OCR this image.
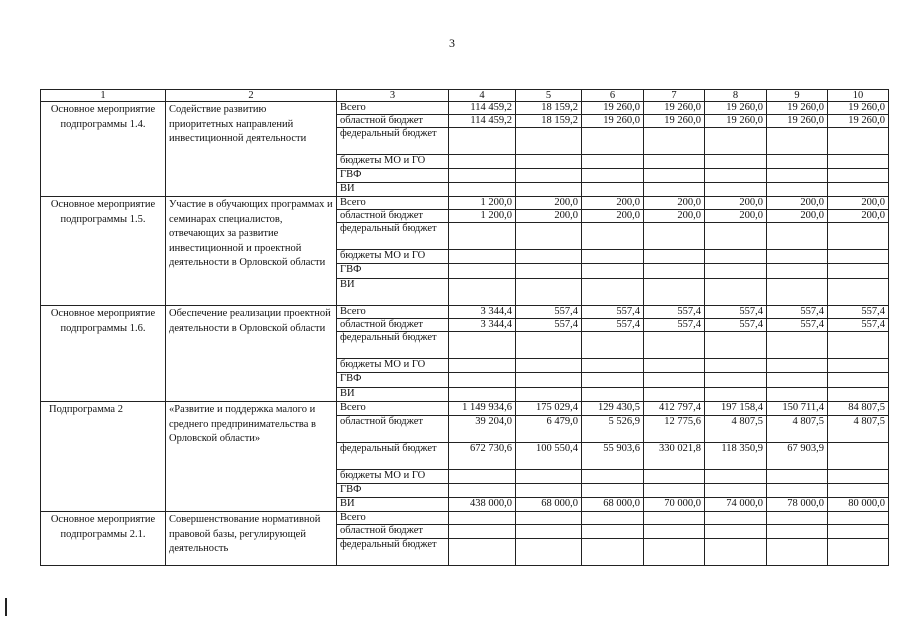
3
1	2	3	4	5	6	7	8	9	10
Основное мероприятие подпрограммы 1.4.	Содействие развитию приоритетных направлений инвестиционной деятельности	Всего	114 459,2	18 159,2	19 260,0	19 260,0	19 260,0	19 260,0	19 260,0
		областной бюджет	114 459,2	18 159,2	19 260,0	19 260,0	19 260,0	19 260,0	19 260,0
		федеральный бюджет							
		бюджеты МО и ГО							
		ГВФ							
		ВИ							
Основное мероприятие подпрограммы 1.5.	Участие в обучающих программах и семинарах специалистов, отвечающих за развитие инвестиционной и проектной деятельности в Орловской области	Всего	1 200,0	200,0	200,0	200,0	200,0	200,0	200,0
		областной бюджет	1 200,0	200,0	200,0	200,0	200,0	200,0	200,0
		федеральный бюджет							
		бюджеты МО и ГО							
		ГВФ							
		ВИ							
Основное мероприятие подпрограммы 1.6.	Обеспечение реализации проектной деятельности в Орловской области	Всего	3 344,4	557,4	557,4	557,4	557,4	557,4	557,4
		областной бюджет	3 344,4	557,4	557,4	557,4	557,4	557,4	557,4
		федеральный бюджет							
		бюджеты МО и ГО							
		ГВФ							
		ВИ							
Подпрограмма 2	«Развитие и поддержка малого и среднего предпринимательства в Орловской области»	Всего	1 149 934,6	175 029,4	129 430,5	412 797,4	197 158,4	150 711,4	84 807,5
		областной бюджет	39 204,0	6 479,0	5 526,9	12 775,6	4 807,5	4 807,5	4 807,5
		федеральный бюджет	672 730,6	100 550,4	55 903,6	330 021,8	118 350,9	67 903,9	
		бюджеты МО и ГО							
		ГВФ							
		ВИ	438 000,0	68 000,0	68 000,0	70 000,0	74 000,0	78 000,0	80 000,0
Основное мероприятие подпрограммы 2.1.	Совершенствование нормативной правовой базы, регулирующей деятельность	Всего							
		областной бюджет							
		федеральный бюджет							
